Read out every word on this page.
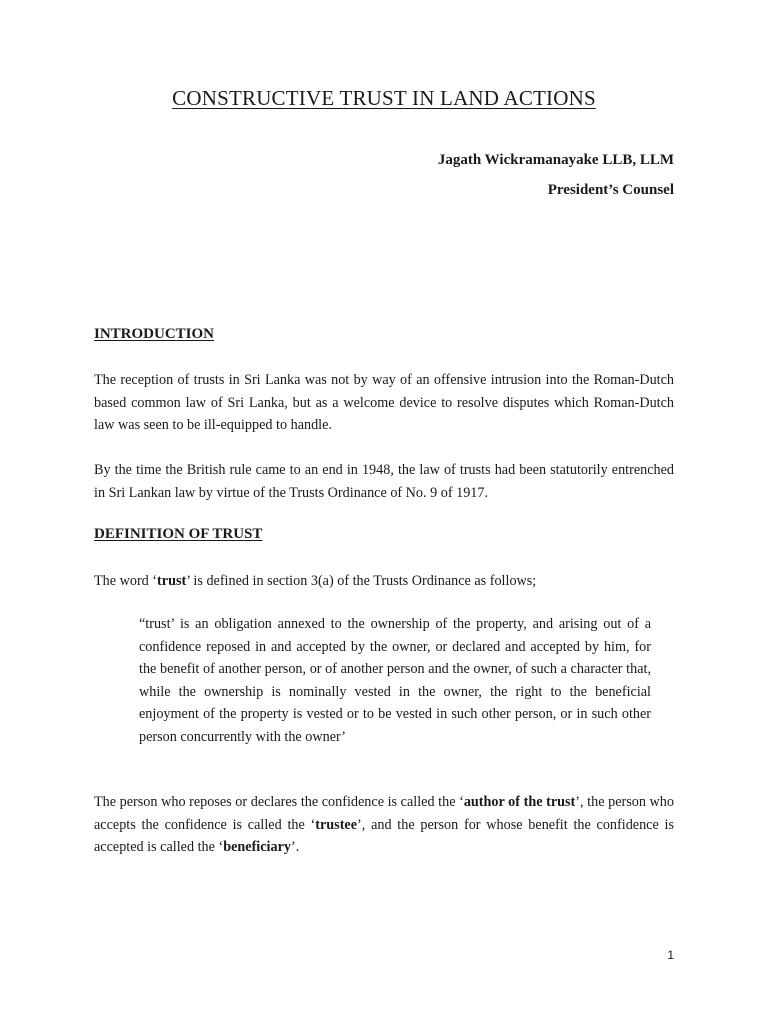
CONSTRUCTIVE TRUST IN LAND ACTIONS

Jagath Wickramanayake LLB, LLM

President’s Counsel

INTRODUCTION

The reception of trusts in Sri Lanka was not by way of an offensive intrusion into the Roman-Dutch based common law of Sri Lanka, but as a welcome device to resolve disputes which Roman-Dutch law was seen to be ill-equipped to handle.

By the time the British rule came to an end in 1948, the law of trusts had been statutorily entrenched in Sri Lankan law by virtue of the Trusts Ordinance of No. 9 of 1917.

DEFINITION OF TRUST

The word ‘trust’ is defined in section 3(a) of the Trusts Ordinance as follows;

“trust’ is an obligation annexed to the ownership of the property, and arising out of a confidence reposed in and accepted by the owner, or declared and accepted by him, for the benefit of another person, or of another person and the owner, of such a character that, while the ownership is nominally vested in the owner, the right to the beneficial enjoyment of the property is vested or to be vested in such other person, or in such other person concurrently with the owner’

The person who reposes or declares the confidence is called the ‘author of the trust’, the person who accepts the confidence is called the ‘trustee’, and the person for whose benefit the confidence is accepted is called the ‘beneficiary’.

1
